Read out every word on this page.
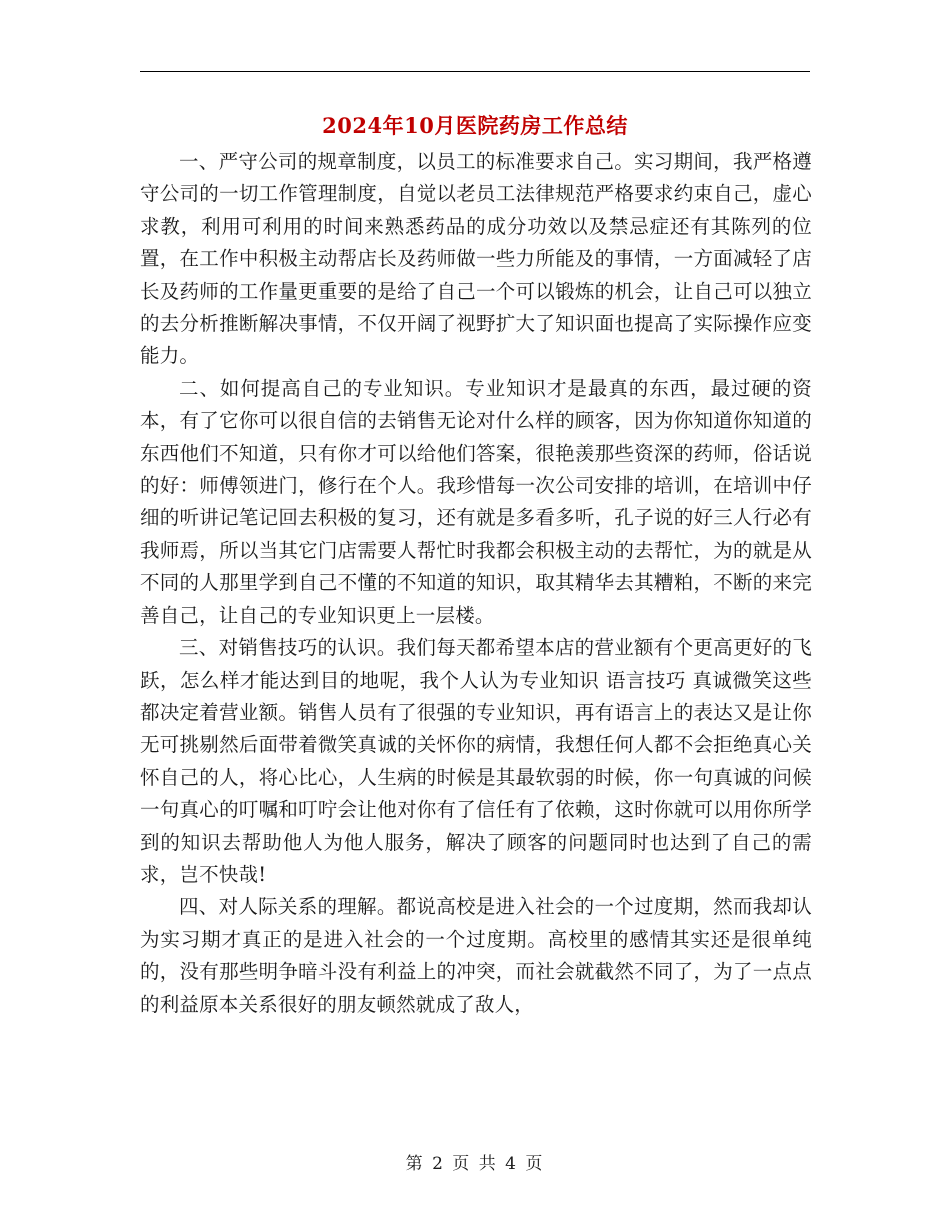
2024年10月医院药房工作总结

一、严守公司的规章制度，以员工的标准要求自己。实习期间，我严格遵守公司的一切工作管理制度，自觉以老员工法律规范严格要求约束自己，虚心求教，利用可利用的时间来熟悉药品的成分功效以及禁忌症还有其陈列的位置，在工作中积极主动帮店长及药师做一些力所能及的事情，一方面减轻了店长及药师的工作量更重要的是给了自己一个可以锻炼的机会，让自己可以独立的去分析推断解决事情，不仅开阔了视野扩大了知识面也提高了实际操作应变能力。

二、如何提高自己的专业知识。专业知识才是最真的东西，最过硬的资本，有了它你可以很自信的去销售无论对什么样的顾客，因为你知道你知道的东西他们不知道，只有你才可以给他们答案，很艳羡那些资深的药师，俗话说的好：师傅领进门，修行在个人。我珍惜每一次公司安排的培训，在培训中仔细的听讲记笔记回去积极的复习，还有就是多看多听，孔子说的好三人行必有我师焉，所以当其它门店需要人帮忙时我都会积极主动的去帮忙，为的就是从不同的人那里学到自己不懂的不知道的知识，取其精华去其糟粕，不断的来完善自己，让自己的专业知识更上一层楼。

三、对销售技巧的认识。我们每天都希望本店的营业额有个更高更好的飞跃，怎么样才能达到目的地呢，我个人认为专业知识 语言技巧 真诚微笑这些都决定着营业额。销售人员有了很强的专业知识，再有语言上的表达又是让你无可挑剔然后面带着微笑真诚的关怀你的病情，我想任何人都不会拒绝真心关怀自己的人，将心比心，人生病的时候是其最软弱的时候，你一句真诚的问候一句真心的叮嘱和叮咛会让他对你有了信任有了依赖，这时你就可以用你所学到的知识去帮助他人为他人服务，解决了顾客的问题同时也达到了自己的需求，岂不快哉!

四、对人际关系的理解。都说高校是进入社会的一个过度期，然而我却认为实习期才真正的是进入社会的一个过度期。高校里的感情其实还是很单纯的，没有那些明争暗斗没有利益上的冲突，而社会就截然不同了，为了一点点的利益原本关系很好的朋友顿然就成了敌人，

第 2 页 共 4 页
